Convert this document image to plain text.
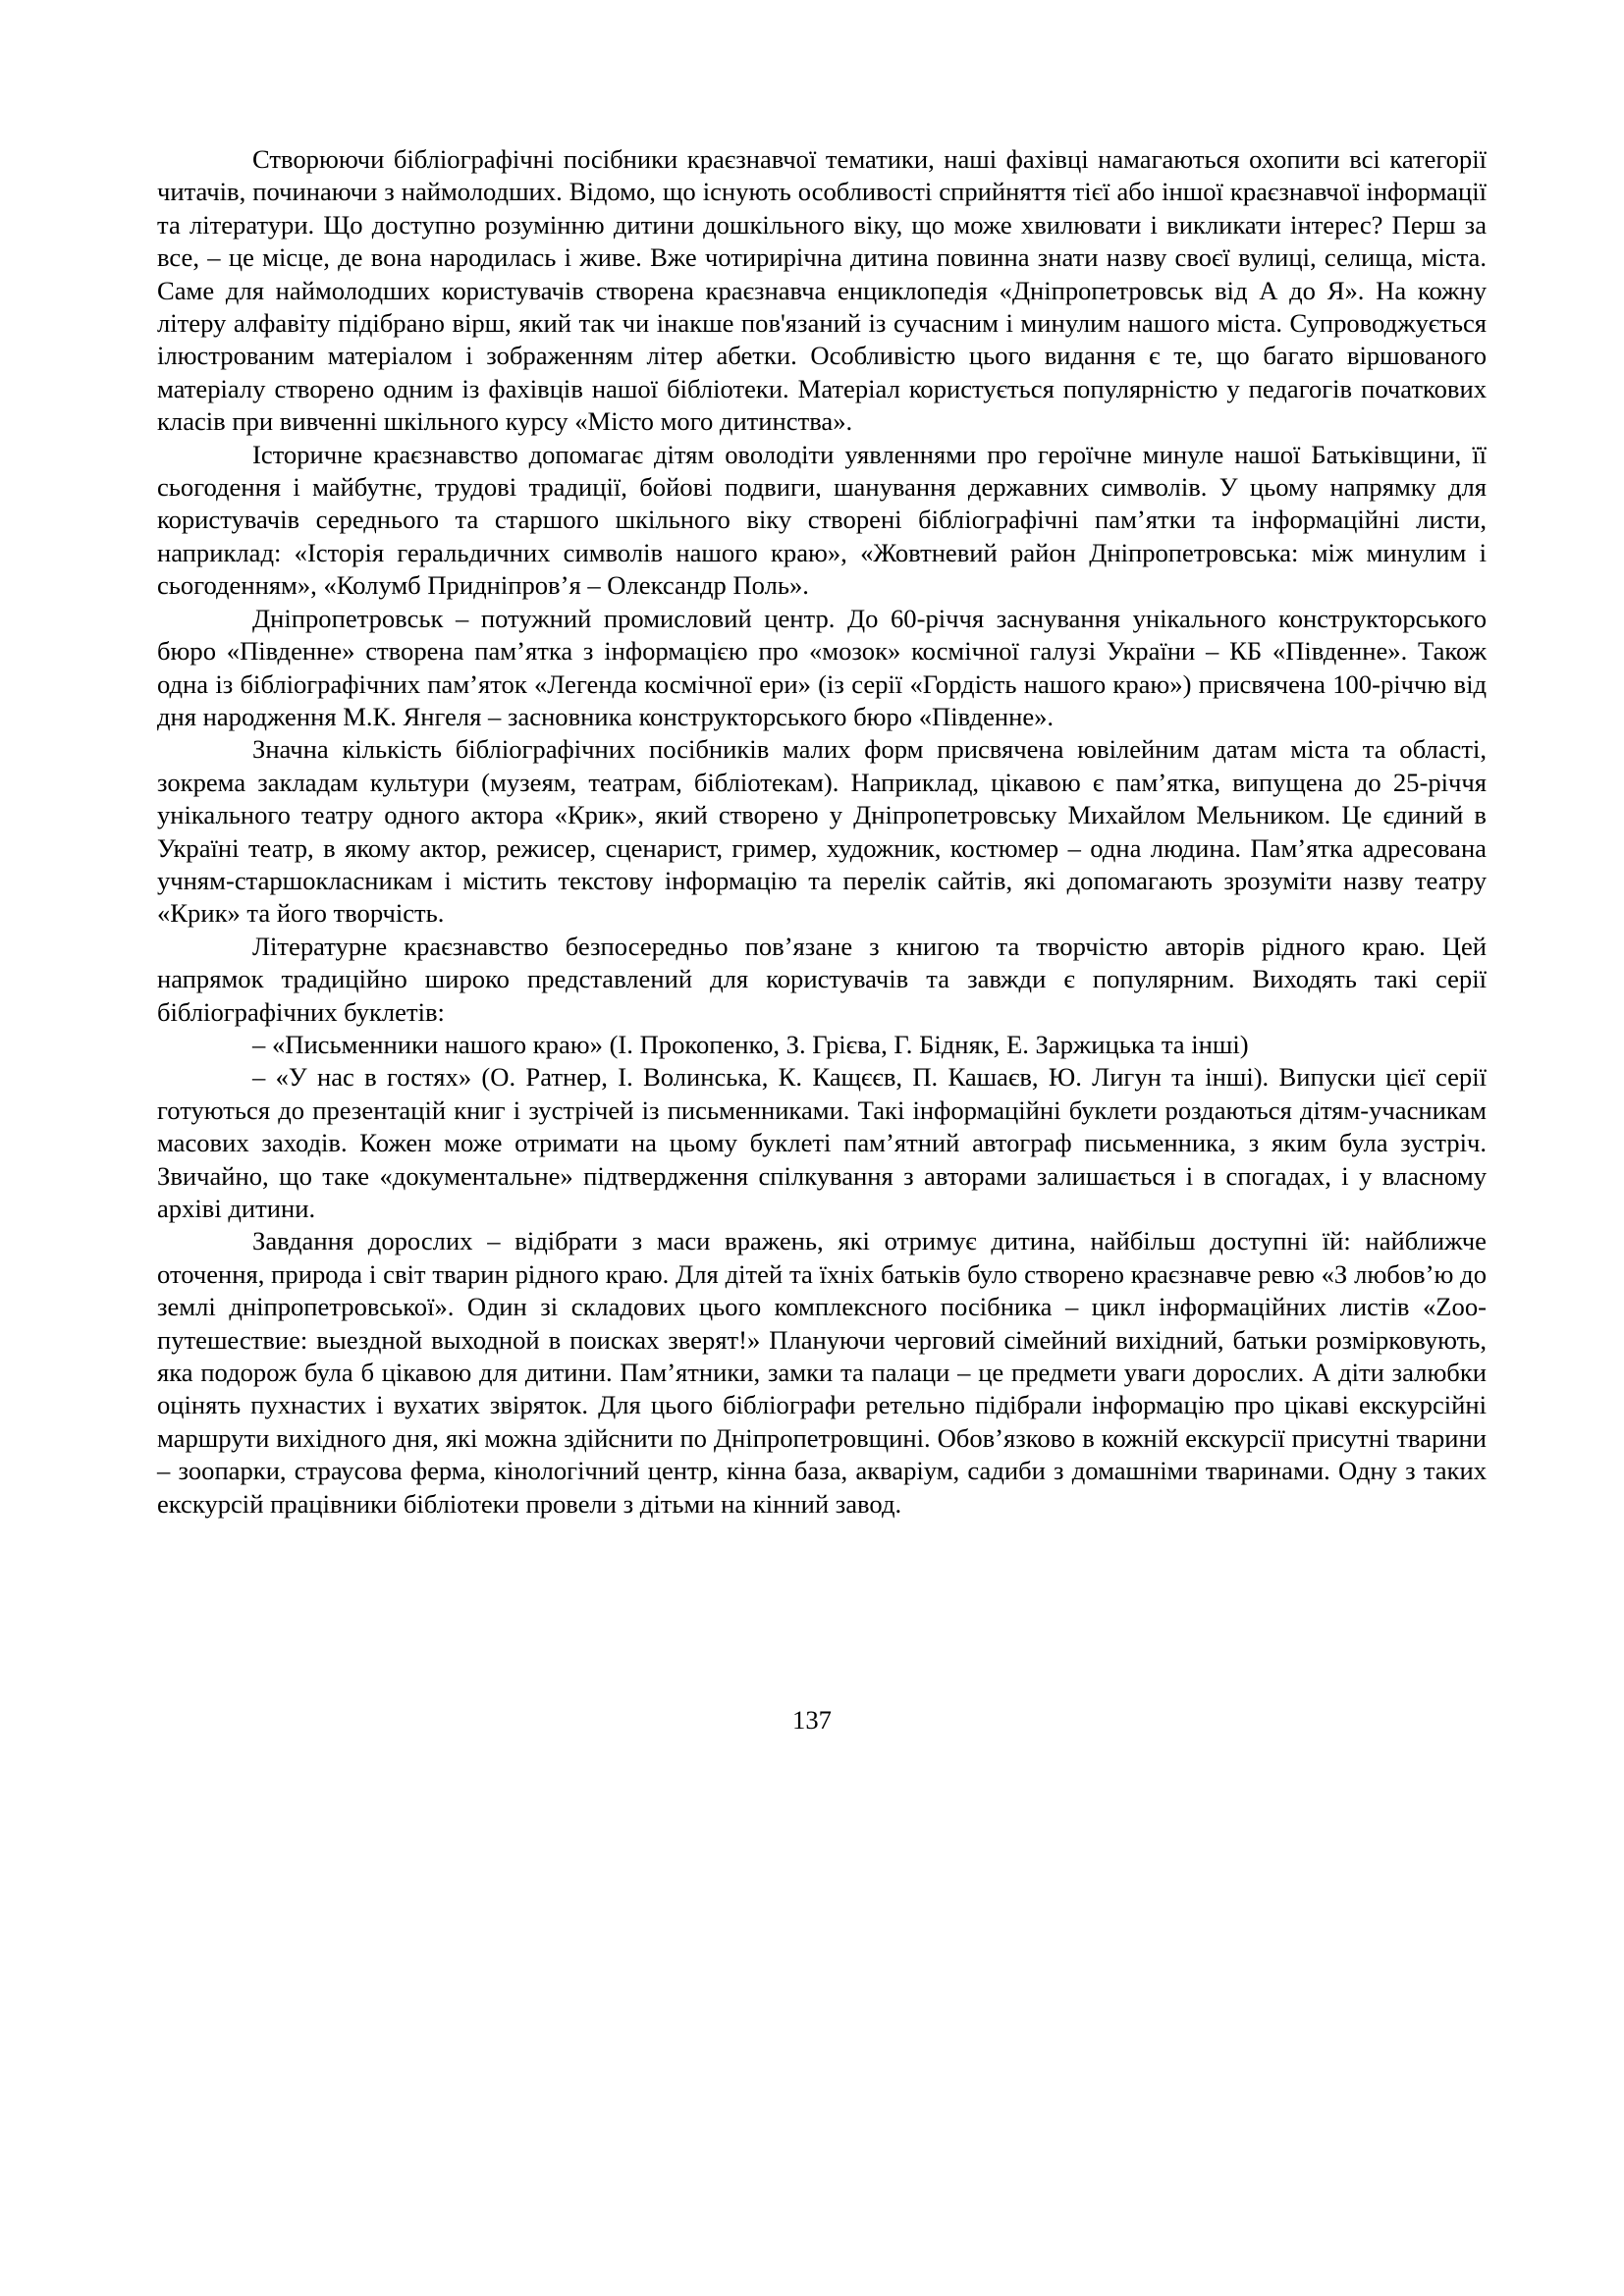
Створюючи бібліографічні посібники краєзнавчої тематики, наші фахівці намагаються охопити всі категорії читачів, починаючи з наймолодших. Відомо, що існують особливості сприйняття тієї або іншої краєзнавчої інформації та літератури. Що доступно розумінню дитини дошкільного віку, що може хвилювати і викликати інтерес? Перш за все, – це місце, де вона народилась і живе. Вже чотирирічна дитина повинна знати назву своєї вулиці, селища, міста. Саме для наймолодших користувачів створена краєзнавча енциклопедія «Дніпропетровськ від А до Я». На кожну літеру алфавіту підібрано вірш, який так чи інакше пов'язаний із сучасним і минулим нашого міста. Супроводжується ілюстрованим матеріалом і зображенням літер абетки. Особливістю цього видання є те, що багато віршованого матеріалу створено одним із фахівців нашої бібліотеки. Матеріал користується популярністю у педагогів початкових класів при вивченні шкільного курсу «Місто мого дитинства».

Історичне краєзнавство допомагає дітям оволодіти уявленнями про героїчне минуле нашої Батьківщини, її сьогодення і майбутнє, трудові традиції, бойові подвиги, шанування державних символів. У цьому напрямку для користувачів середнього та старшого шкільного віку створені бібліографічні пам’ятки та інформаційні листи, наприклад: «Історія геральдичних символів нашого краю», «Жовтневий район Дніпропетровська: між минулим і сьогоденням», «Колумб Придніпров’я – Олександр Поль».

Дніпропетровськ – потужний промисловий центр. До 60-річчя заснування унікального конструкторського бюро «Південне» створена пам’ятка з інформацією про «мозок» космічної галузі України – КБ «Південне». Також одна із бібліографічних пам’яток «Легенда космічної ери» (із серії «Гордість нашого краю») присвячена 100-річчю від дня народження М.К. Янгеля – засновника конструкторського бюро «Південне».

Значна кількість бібліографічних посібників малих форм присвячена ювілейним датам міста та області, зокрема закладам культури (музеям, театрам, бібліотекам). Наприклад, цікавою є пам’ятка, випущена до 25-річчя унікального театру одного актора «Крик», який створено у Дніпропетровську Михайлом Мельником. Це єдиний в Україні театр, в якому актор, режисер, сценарист, гример, художник, костюмер – одна людина. Пам’ятка адресована учням-старшокласникам і містить текстову інформацію та перелік сайтів, які допомагають зрозуміти назву театру «Крик» та його творчість.

Літературне краєзнавство безпосередньо пов’язане з книгою та творчістю авторів рідного краю. Цей напрямок традиційно широко представлений для користувачів та завжди є популярним. Виходять такі серії бібліографічних буклетів:

– «Письменники нашого краю» (І. Прокопенко, З. Грієва, Г. Бідняк, Е. Заржицька та інші)

– «У нас в гостях» (О. Ратнер, І. Волинська, К. Кащєєв, П. Кашаєв, Ю. Лигун та інші). Випуски цієї серії готуються до презентацій книг і зустрічей із письменниками. Такі інформаційні буклети роздаються дітям-учасникам масових заходів. Кожен може отримати на цьому буклеті пам’ятний автограф письменника, з яким була зустріч. Звичайно, що таке «документальне» підтвердження спілкування з авторами залишається і в спогадах, і у власному архіві дитини.

Завдання дорослих – відібрати з маси вражень, які отримує дитина, найбільш доступні їй: найближче оточення, природа і світ тварин рідного краю. Для дітей та їхніх батьків було створено краєзнавче ревю «З любов’ю до землі дніпропетровської». Один зі складових цього комплексного посібника – цикл інформаційних листів «Zoo-путешествие: выездной выходной в поисках зверят!» Плануючи черговий сімейний вихідний, батьки розмірковують, яка подорож була б цікавою для дитини. Пам’ятники, замки та палаци – це предмети уваги дорослих. А діти залюбки оцінять пухнастих і вухатих звіряток. Для цього бібліографи ретельно підібрали інформацію про цікаві екскурсійні маршрути вихідного дня, які можна здійснити по Дніпропетровщині. Обов’язково в кожній екскурсії присутні тварини – зоопарки, страусова ферма, кінологічний центр, кінна база, акваріум, садиби з домашніми тваринами. Одну з таких екскурсій працівники бібліотеки провели з дітьми на кінний завод.

137
